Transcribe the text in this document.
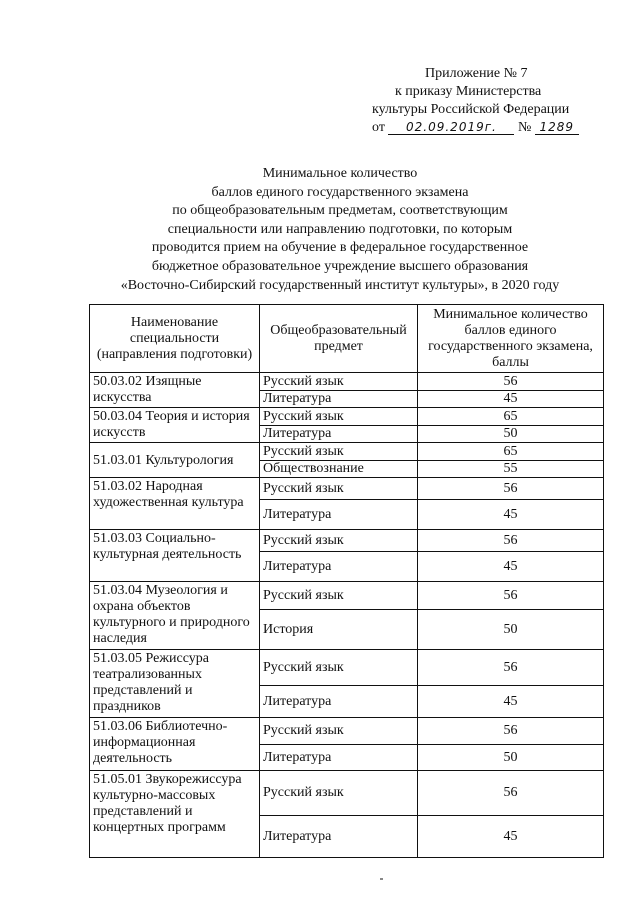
Приложение № 7
к приказу Министерства
культуры Российской Федерации
от 02.09.2019г. № 1289
Минимальное количество
баллов единого государственного экзамена
по общеобразовательным предметам, соответствующим
специальности или направлению подготовки, по которым
проводится прием на обучение в федеральное государственное
бюджетное образовательное учреждение высшего образования
«Восточно-Сибирский государственный институт культуры», в 2020 году
Наименование специальности (направления подготовки)	Общеобразовательный предмет	Минимальное количество баллов единого государственного экзамена, баллы
50.03.02 Изящные искусства	Русский язык	56
	Литература	45
50.03.04 Теория и история искусств	Русский язык	65
	Литература	50
51.03.01 Культурология	Русский язык	65
	Обществознание	55
51.03.02 Народная художественная культура	Русский язык	56
	Литература	45
51.03.03 Социально-культурная деятельность	Русский язык	56
	Литература	45
51.03.04 Музеология и охрана объектов культурного и природного наследия	Русский язык	56
	История	50
51.03.05 Режиссура театрализованных представлений и праздников	Русский язык	56
	Литература	45
51.03.06 Библиотечно-информационная деятельность	Русский язык	56
	Литература	50
51.05.01 Звукорежиссура культурно-массовых представлений и концертных программ	Русский язык	56
	Литература	45
